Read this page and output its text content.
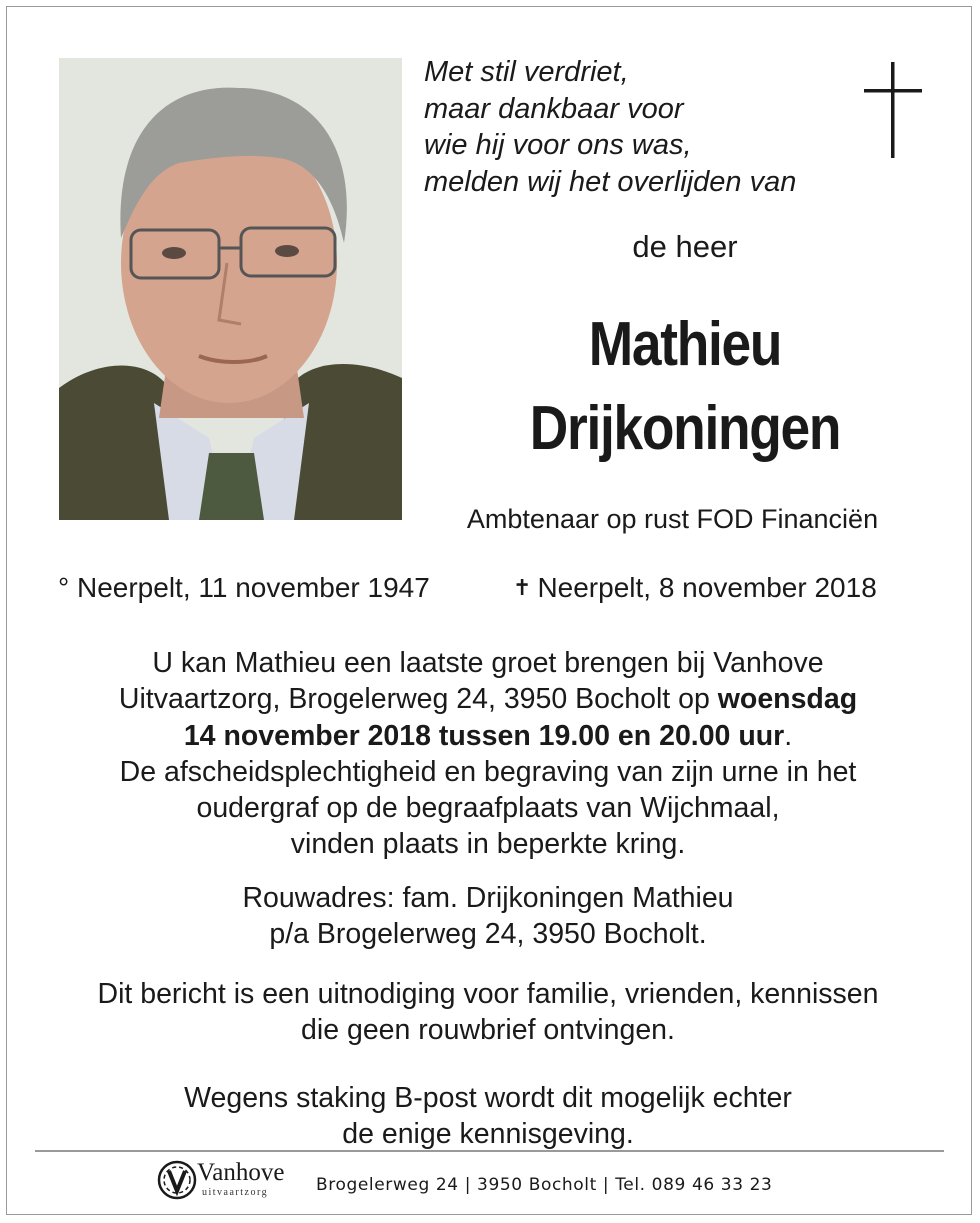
Met stil verdriet,
maar dankbaar voor
wie hij voor ons was,
melden wij het overlijden van
de heer
Mathieu
Drijkoningen
Ambtenaar op rust FOD Financiën
° Neerpelt, 11 november 1947	✝ Neerpelt, 8 november 2018
U kan Mathieu een laatste groet brengen bij Vanhove
Uitvaartzorg, Brogelerweg 24, 3950 Bocholt op woensdag
14 november 2018 tussen 19.00 en 20.00 uur.
De afscheidsplechtigheid en begraving van zijn urne in het
oudergraf op de begraafplaats van Wijchmaal,
vinden plaats in beperkte kring.
Rouwadres: fam. Drijkoningen Mathieu
p/a Brogelerweg 24, 3950 Bocholt.
Dit bericht is een uitnodiging voor familie, vrienden, kennissen
die geen rouwbrief ontvingen.
Wegens staking B-post wordt dit mogelijk echter
de enige kennisgeving.
Vanhove
uitvaartzorg	Brogelerweg 24 | 3950 Bocholt | Tel. 089 46 33 23
